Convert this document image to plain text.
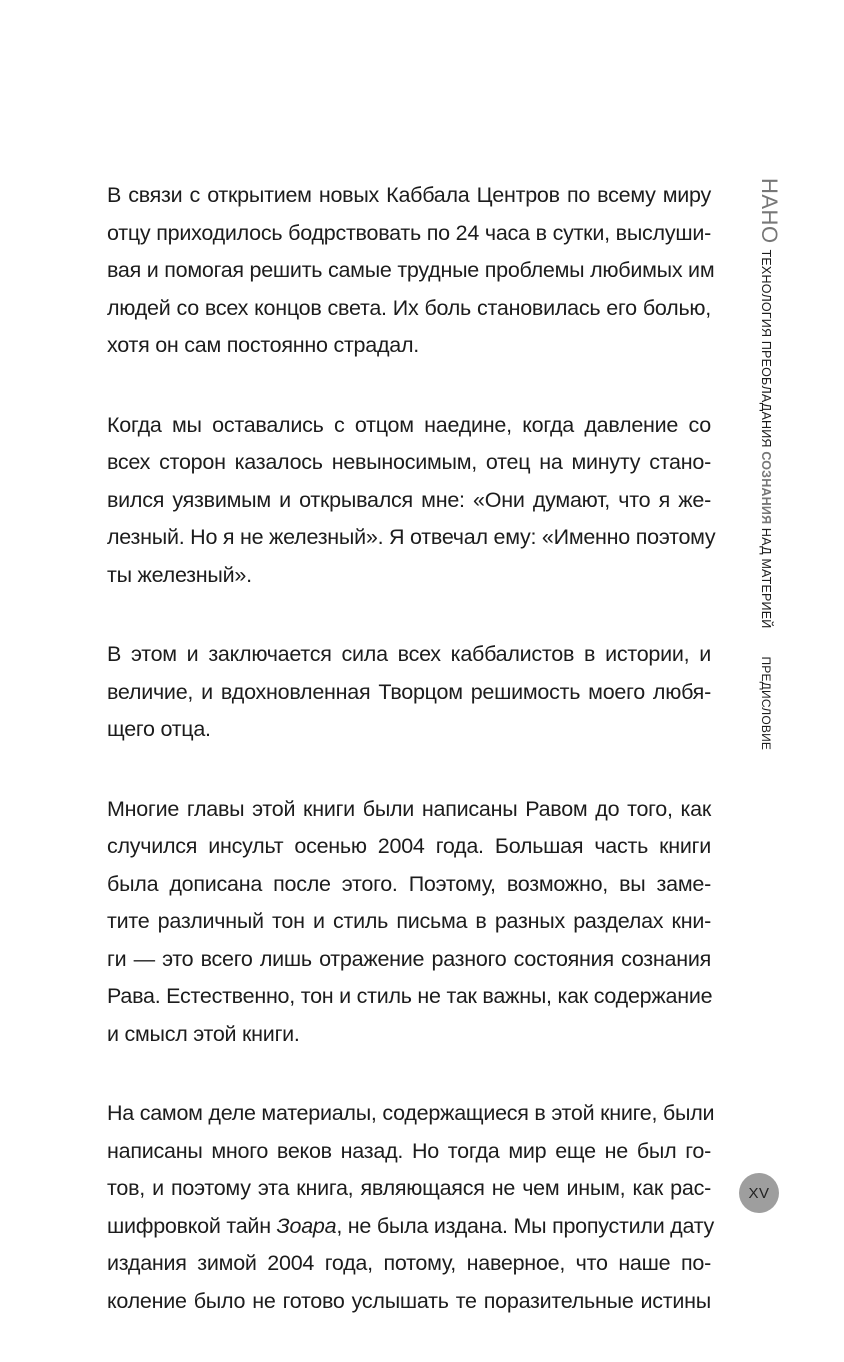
В связи с открытием новых Каббала Центров по всему миру
отцу приходилось бодрствовать по 24 часа в сутки, выслуши-
вая и помогая решить самые трудные проблемы любимых им
людей со всех концов света. Их боль становилась его болью,
хотя он сам постоянно страдал.

Когда мы оставались с отцом наедине, когда давление со
всех сторон казалось невыносимым, отец на минуту стано-
вился уязвимым и открывался мне: «Они думают, что я же-
лезный. Но я не железный». Я отвечал ему: «Именно поэтому
ты железный».

В этом и заключается сила всех каббалистов в истории, и
величие, и вдохновленная Творцом решимость моего любя-
щего отца.

Многие главы этой книги были написаны Равом до того, как
случился инсульт осенью 2004 года. Большая часть книги
была дописана после этого. Поэтому, возможно, вы заме-
тите различный тон и стиль письма в разных разделах кни-
ги — это всего лишь отражение разного состояния сознания
Рава. Естественно, тон и стиль не так важны, как содержание
и смысл этой книги.

На самом деле материалы, содержащиеся в этой книге, были
написаны много веков назад. Но тогда мир еще не был го-
тов, и поэтому эта книга, являющаяся не чем иным, как рас-
шифровкой тайн Зоара, не была издана. Мы пропустили дату
издания зимой 2004 года, потому, наверное, что наше по-
коление было не готово услышать те поразительные истины

НАНО
ТЕХНОЛОГИЯ ПРЕОБЛАДАНИЯ СОЗНАНИЯ НАД МАТЕРИЕЙ
ПРЕДИСЛОВИЕ
XV
